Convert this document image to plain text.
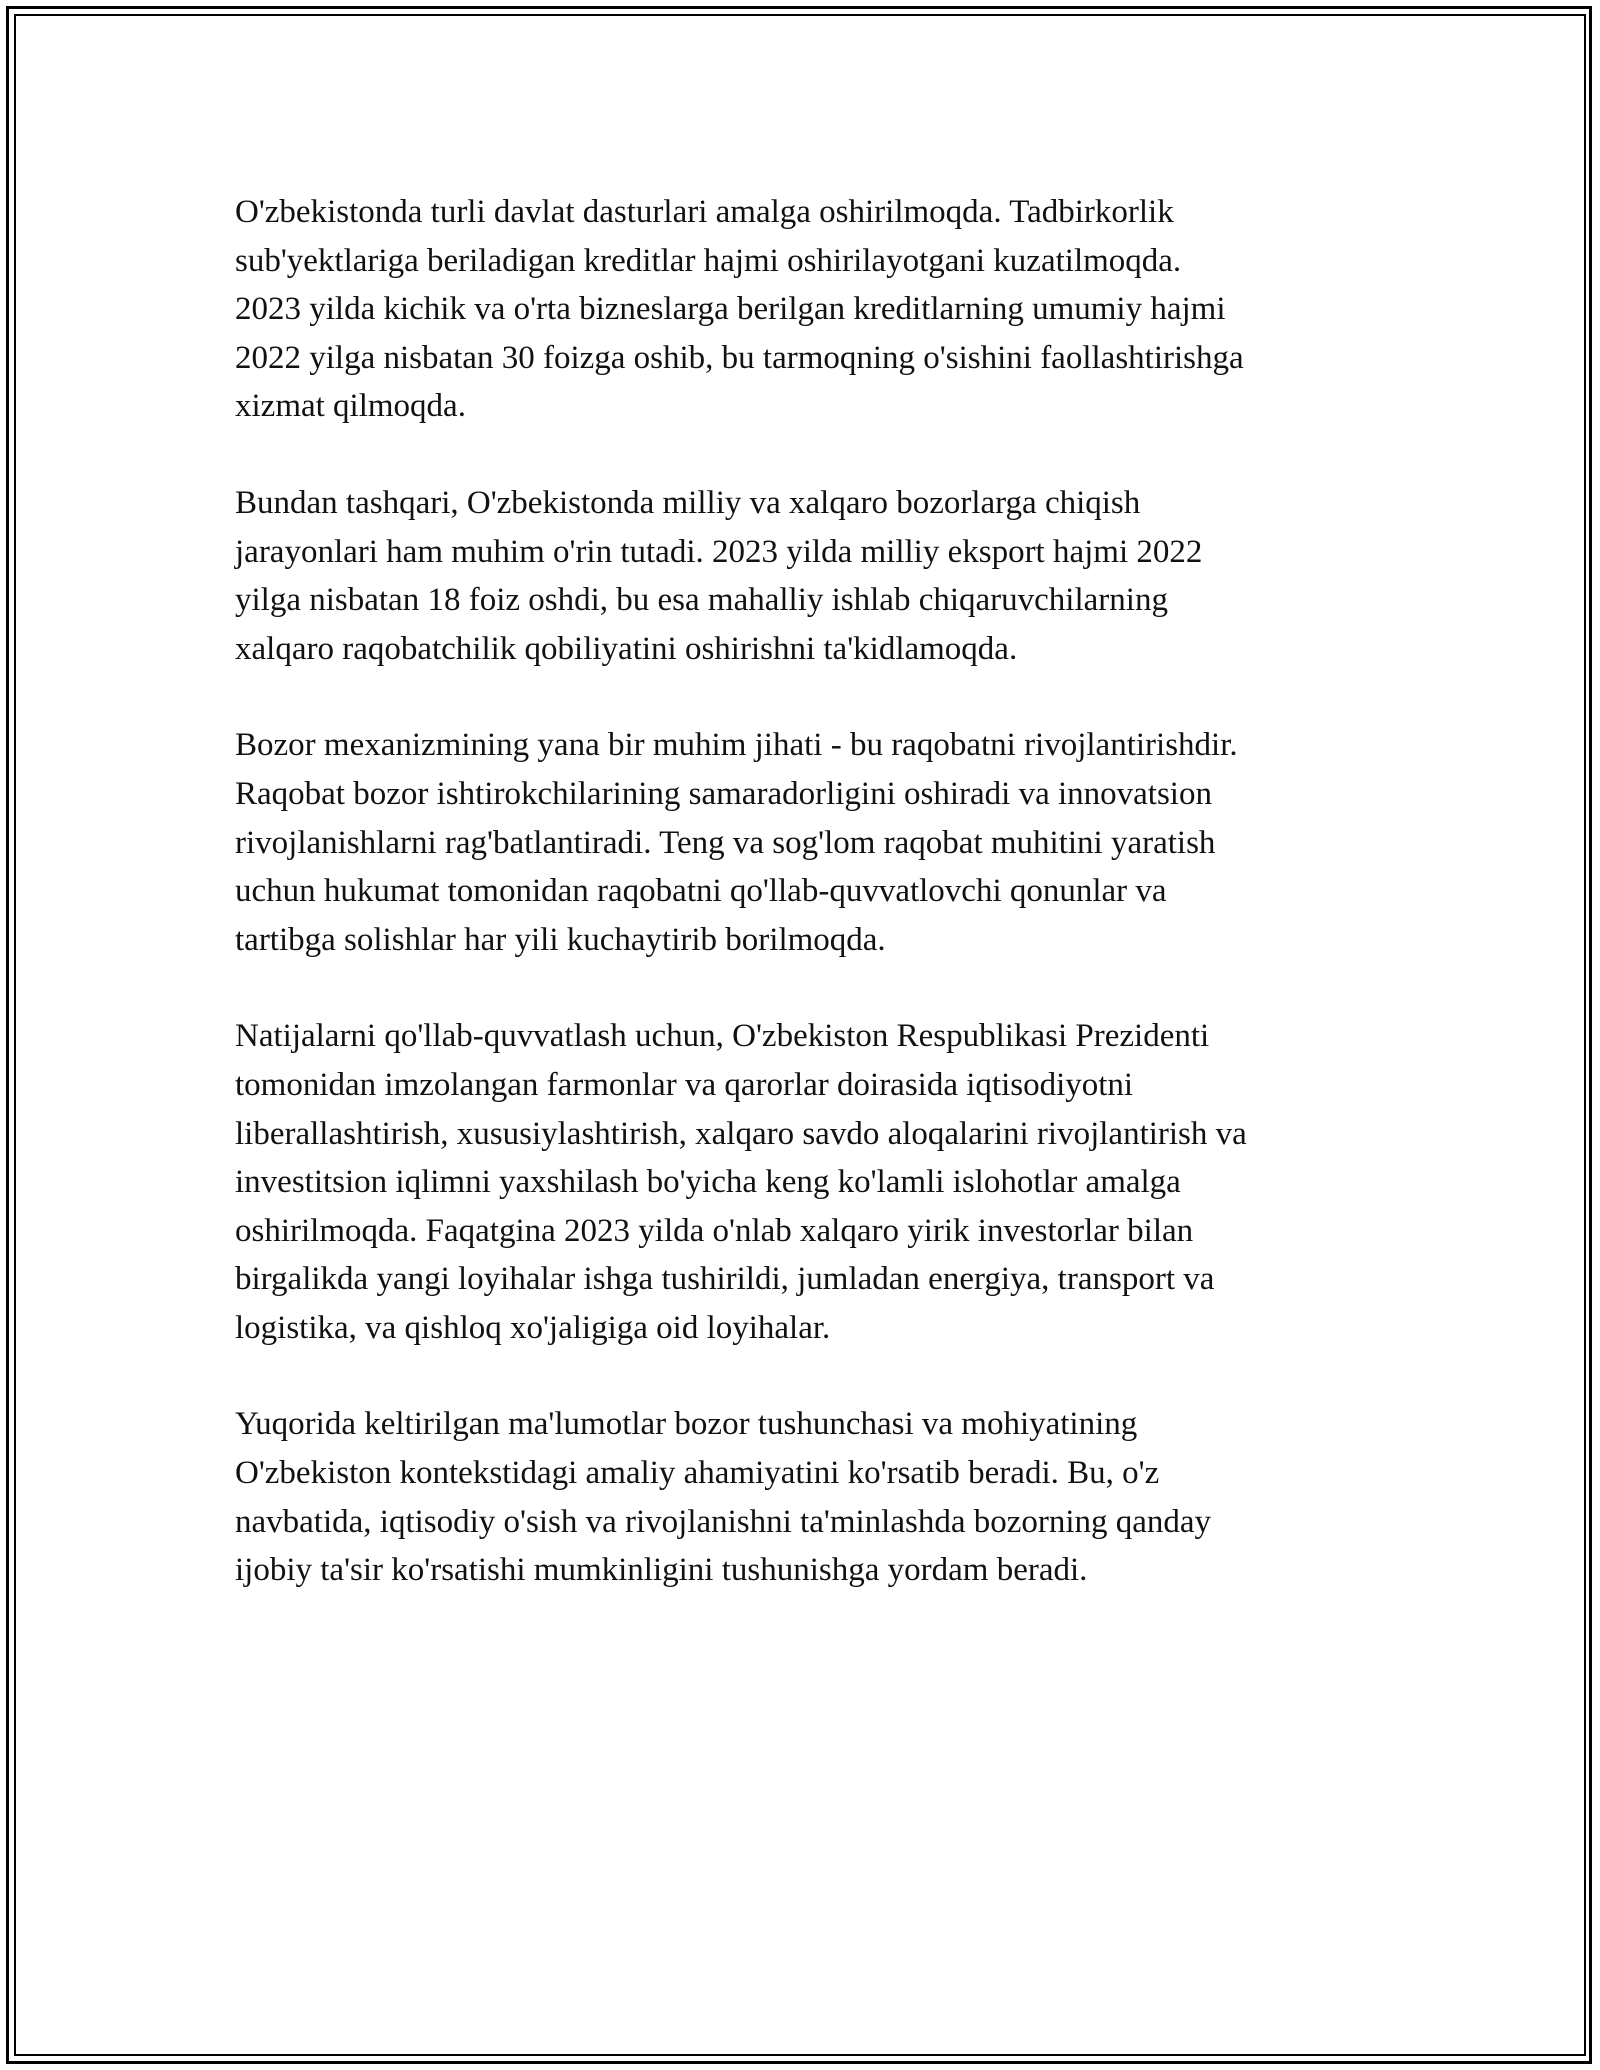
O'zbekistonda turli davlat dasturlari amalga oshirilmoqda. Tadbirkorlik
sub'yektlariga beriladigan kreditlar hajmi oshirilayotgani kuzatilmoqda.
2023 yilda kichik va o'rta bizneslarga berilgan kreditlarning umumiy hajmi
2022 yilga nisbatan 30 foizga oshib, bu tarmoqning o'sishini faollashtirishga
xizmat qilmoqda.

Bundan tashqari, O'zbekistonda milliy va xalqaro bozorlarga chiqish
jarayonlari ham muhim o'rin tutadi. 2023 yilda milliy eksport hajmi 2022
yilga nisbatan 18 foiz oshdi, bu esa mahalliy ishlab chiqaruvchilarning
xalqaro raqobatchilik qobiliyatini oshirishni ta'kidlamoqda.

Bozor mexanizmining yana bir muhim jihati - bu raqobatni rivojlantirishdir.
Raqobat bozor ishtirokchilarining samaradorligini oshiradi va innovatsion
rivojlanishlarni rag'batlantiradi. Teng va sog'lom raqobat muhitini yaratish
uchun hukumat tomonidan raqobatni qo'llab-quvvatlovchi qonunlar va
tartibga solishlar har yili kuchaytirib borilmoqda.

Natijalarni qo'llab-quvvatlash uchun, O'zbekiston Respublikasi Prezidenti
tomonidan imzolangan farmonlar va qarorlar doirasida iqtisodiyotni
liberallashtirish, xususiylashtirish, xalqaro savdo aloqalarini rivojlantirish va
investitsion iqlimni yaxshilash bo'yicha keng ko'lamli islohotlar amalga
oshirilmoqda. Faqatgina 2023 yilda o'nlab xalqaro yirik investorlar bilan
birgalikda yangi loyihalar ishga tushirildi, jumladan energiya, transport va
logistika, va qishloq xo'jaligiga oid loyihalar.

Yuqorida keltirilgan ma'lumotlar bozor tushunchasi va mohiyatining
O'zbekiston kontekstidagi amaliy ahamiyatini ko'rsatib beradi. Bu, o'z
navbatida, iqtisodiy o'sish va rivojlanishni ta'minlashda bozorning qanday
ijobiy ta'sir ko'rsatishi mumkinligini tushunishga yordam beradi.
